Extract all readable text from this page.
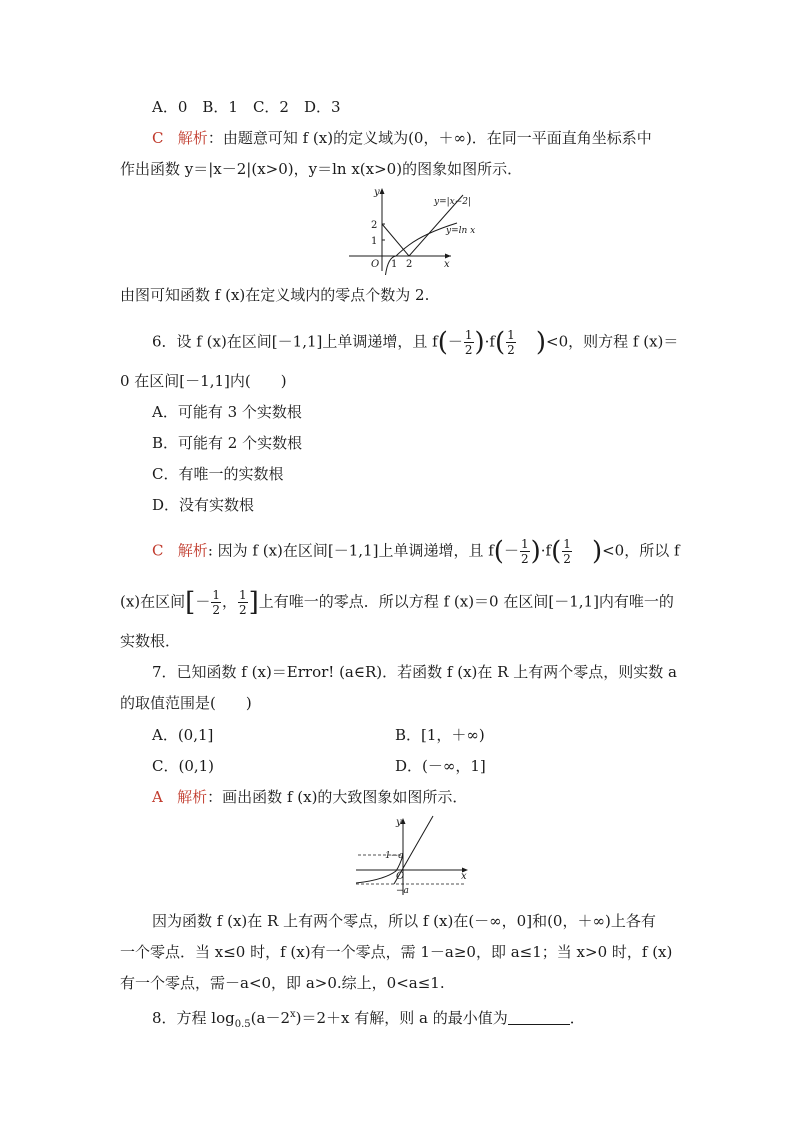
A．0　B．1　C．2　D．3
C 解析：由题意可知 f (x)的定义域为(0，＋∞)．在同一平面直角坐标系中
作出函数 y＝|x－2|(x>0)，y＝ln x(x>0)的图象如图所示．
y
x
O
2
1
1 2
y=|x−2|
y=ln x
由图可知函数 f (x)在定义域内的零点个数为 2.
6．设 f (x)在区间[－1,1]上单调递增，且 $f(- \frac{1}{2} )\cdot f( \frac{1}{2} )<0$，则方程 f (x)＝
0 在区间[－1,1]内(　　)
A．可能有 3 个实数根
B．可能有 2 个实数根
C．有唯一的实数根
D．没有实数根
C 解析: 因为 f (x)在区间[－1,1]上单调递增，且 $f(- \frac{1}{2} )\cdot f( \frac{1}{2} )<0$，所以 f
(x)在区间[－ $\frac{1}{2}$ ， $\frac{1}{2}$ ]上有唯一的零点．所以方程 f (x)＝0 在区间[－1,1]内有唯一的
实数根．
7．已知函数 f (x)＝Error! (a∈R)．若函数 f (x)在 R 上有两个零点，则实数 a
的取值范围是(　　)
A．(0,1]	B．[1，＋∞)
C．(0,1)	D．(－∞，1]
A 解析：画出函数 f (x)的大致图象如图所示．
y
x
O
1−a
−a
因为函数 f (x)在 R 上有两个零点，所以 f (x)在(－∞，0]和(0，＋∞)上各有
一个零点．当 x≤0 时，f (x)有一个零点，需 1－a≥0，即 a≤1；当 x>0 时，f (x)
有一个零点，需－a<0，即 a>0.综上，0<a≤1.
8．方程 $\log_{0.5}(a-2^x)=2+x$ 有解，则 a 的最小值为	．
